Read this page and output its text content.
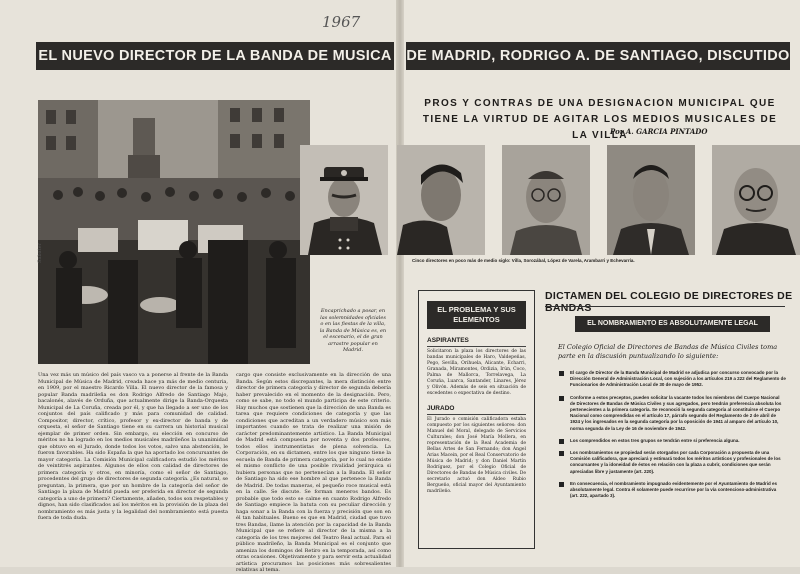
1967
EL NUEVO DIRECTOR DE LA BANDA DE MUSICA DE MADRID, RODRIGO A. DE SANTIAGO, DISCUTIDO
Sabater
Encaprichado a posar, en las solemnidades oficiales o en las fiestas de la villa, la Banda de Música es, en el escenario, el de gran arrastre popular en Madrid.
Una vez más un músico del país vasco va a ponerse al frente de la Banda Municipal de Música de Madrid, creada hace ya más de medio centuria, en 1909, por el maestro Ricardo Villa. El nuevo director de la famosa y popular Banda madrileña es don Rodrigo Alfredo de Santiago Majo, bacalonés, alavés de Orduña, que actualmente dirige la Banda-Orquesta Municipal de La Coruña, creada por él, y que ha llegado a ser uno de los conjuntos del país calificado y más para comunidad de calidad. Compositor, director, crítico, profesor y ex-director de banda y de orquesta, el señor de Santiago tiene en su carrera un historial musical ejemplar de primer orden. Sin embargo, su elección en concurso de méritos no ha logrado en los medios musicales madrileños la unanimidad que obtuvo en el Jurado, donde todos los votos, salvo una abstención, le fueron favorables. Ha sido España la que ha aportado los concursantes de mayor categoría. La Comisión Municipal calificadora estudió los méritos de veintitrés aspirantes. Algunos de ellos con calidad de directores de primera categoría y otros, en minoría, como el señor de Santiago, procedentes del grupo de directores de segunda categoría. ¿Es natural, se preguntan, la primera, que por un hombre de la categoría del señor de Santiago la plaza de Madrid pueda ser preferida en director de segunda categoría a uno de primera? Ciertamente, añaden, todos son respetables y dignos, han sido clasificados así los méritos en la provisión de la plaza del nombramiento es más justa y la legalidad del nombramiento está puesta fuera de toda duda.
cargo que consiste exclusivamente en la dirección de una Banda. Según estos discrepantes, la mera distinción entre director de primera categoría y director de segunda debería haber prevalecido en el momento de la designación. Pero, como se sabe, no todo el mundo participa de este criterio. Hay muchos que sostienen que la dirección de una Banda es tarea que requiere condiciones de categoría y que las condiciones que acreditan a un verdadero músico son más importantes cuando se trata de realizar una misión de carácter predominantemente artístico. La Banda Municipal de Madrid está compuesta por noventa y dos profesores, todos ellos instrumentistas de plena solvencia. La Corporación, en su dictamen, entre los que ninguno tiene la escuela de Banda de primera categoría, por lo cual no existe el mismo conflicto de una posible rivalidad jerárquica si hubiera personas que no pertenecían a la Banda. El señor de Santiago ha sido ese hombre al que pertenece la Banda de Madrid. De todas maneras, el pequeño roce musical está en la calle. Se discute. Se forman meneros bandos. Es probable que todo esto se calme en cuanto Rodrigo Alfredo de Santiago empiece la batuta con su peculiar dirección y haga sonar a la Banda con la fuerza y precisión que son en él tan habituales. Bueno es que en Madrid, ciudad que tuvo tres Bandas, llame la atención por la capacidad de la Banda Municipal que se refiere al director de la misma a la categoría de los tres mejores del Teatro Real actual. Para el público madrileño, la Banda Municipal es el conjunto que ameniza los domingos del Retiro en la temporada, así como otras ocasiones. Objetivamente y para servir esta actualidad artística procuramos las posiciones más sobresalientes relativas al tema.
PROS Y CONTRAS DE UNA DESIGNACION MUNICIPAL QUE TIENE LA VIRTUD DE AGITAR LOS MEDIOS MUSICALES DE LA VILLA
Por A. GARCIA PINTADO
Cinco directores en poco más de medio siglo: Villa, Sorozábal, López de Varela, Arambarri y Echevarría.
EL PROBLEMA Y SUS ELEMENTOS
ASPIRANTES
Solicitaron la plaza los directores de las bandas municipales de Haro, Valdepeñas, Pego, Sevilla, Orihuela, Alicante, Echarri, Granada, Miramontes, Ordizia, Irún, Coco, Palma de Mallorca, Torrelavega, La Coruña, Luarca, Santander, Linares, Jérez y Olivón. Además de seis en situación de excedentes o expectativa de destino.
JURADO
El Jurado o comisión calificadora estaba compuesto por los siguientes señores: don Manuel del Moral, delegado de Servicios Culturales; don José María Mollera, en representación de la Real Academia de Bellas Artes de San Fernando; don Ángel Arias Macein, por el Real Conservatorio de Música de Madrid; y don Daniel Martín Rodríguez, por el Colegio Oficial de Directores de Bandas de Música civiles. De secretario actuó don Aldeo Rubio Bergueño, oficial mayor del Ayuntamiento madrileño.
DICTAMEN DEL COLEGIO DE DIRECTORES DE BANDAS
EL NOMBRAMIENTO ES ABSOLUTAMENTE LEGAL
El Colegio Oficial de Directores de Bandas de Música Civiles toma parte en la discusión puntualizando lo siguiente:
El cargo de Director de la Banda Municipal de Madrid se adjudica por concurso convocado por la Dirección General de Administración Local, con sujeción a los artículos 219 a 222 del Reglamento de Funcionarios de Administración Local de 30 de mayo de 1952.
Conforme a estos preceptos, pueden solicitar la vacante todos los miembros del Cuerpo Nacional de Directores de Bandas de Música Civiles y sus agregados, pero tendrán preferencia absoluta los pertenecientes a la primera categoría. Se reconoció la segunda categoría al constituirse el Cuerpo Nacional como comprendidas en el artículo 17, párrafo segundo del Reglamento de 2 de abril de 1924 y los ingresados en la segunda categoría por la oposición de 1941 al amparo del artículo 10, norma segunda de la Ley de 16 de noviembre de 1942.
Los comprendidos en estos tres grupos se tendrán entre sí preferencia alguna.
Los nombramientos se propiedad serán otorgados por cada Corporación a propuesta de una Comisión calificadora, que apreciará y estimará todos los méritos artísticos y profesionales de los concursantes y la idoneidad de éstos en relación con la plaza a cubrir, condiciones que serán apreciadas libre y justamente (art. 220).
En consecuencia, el nombramiento impugnado evidentemente por el Ayuntamiento de Madrid es absolutamente legal. Contra él solamente puede recurrirse por la vía contencioso-administrativa (art. 222, apartado 3).
